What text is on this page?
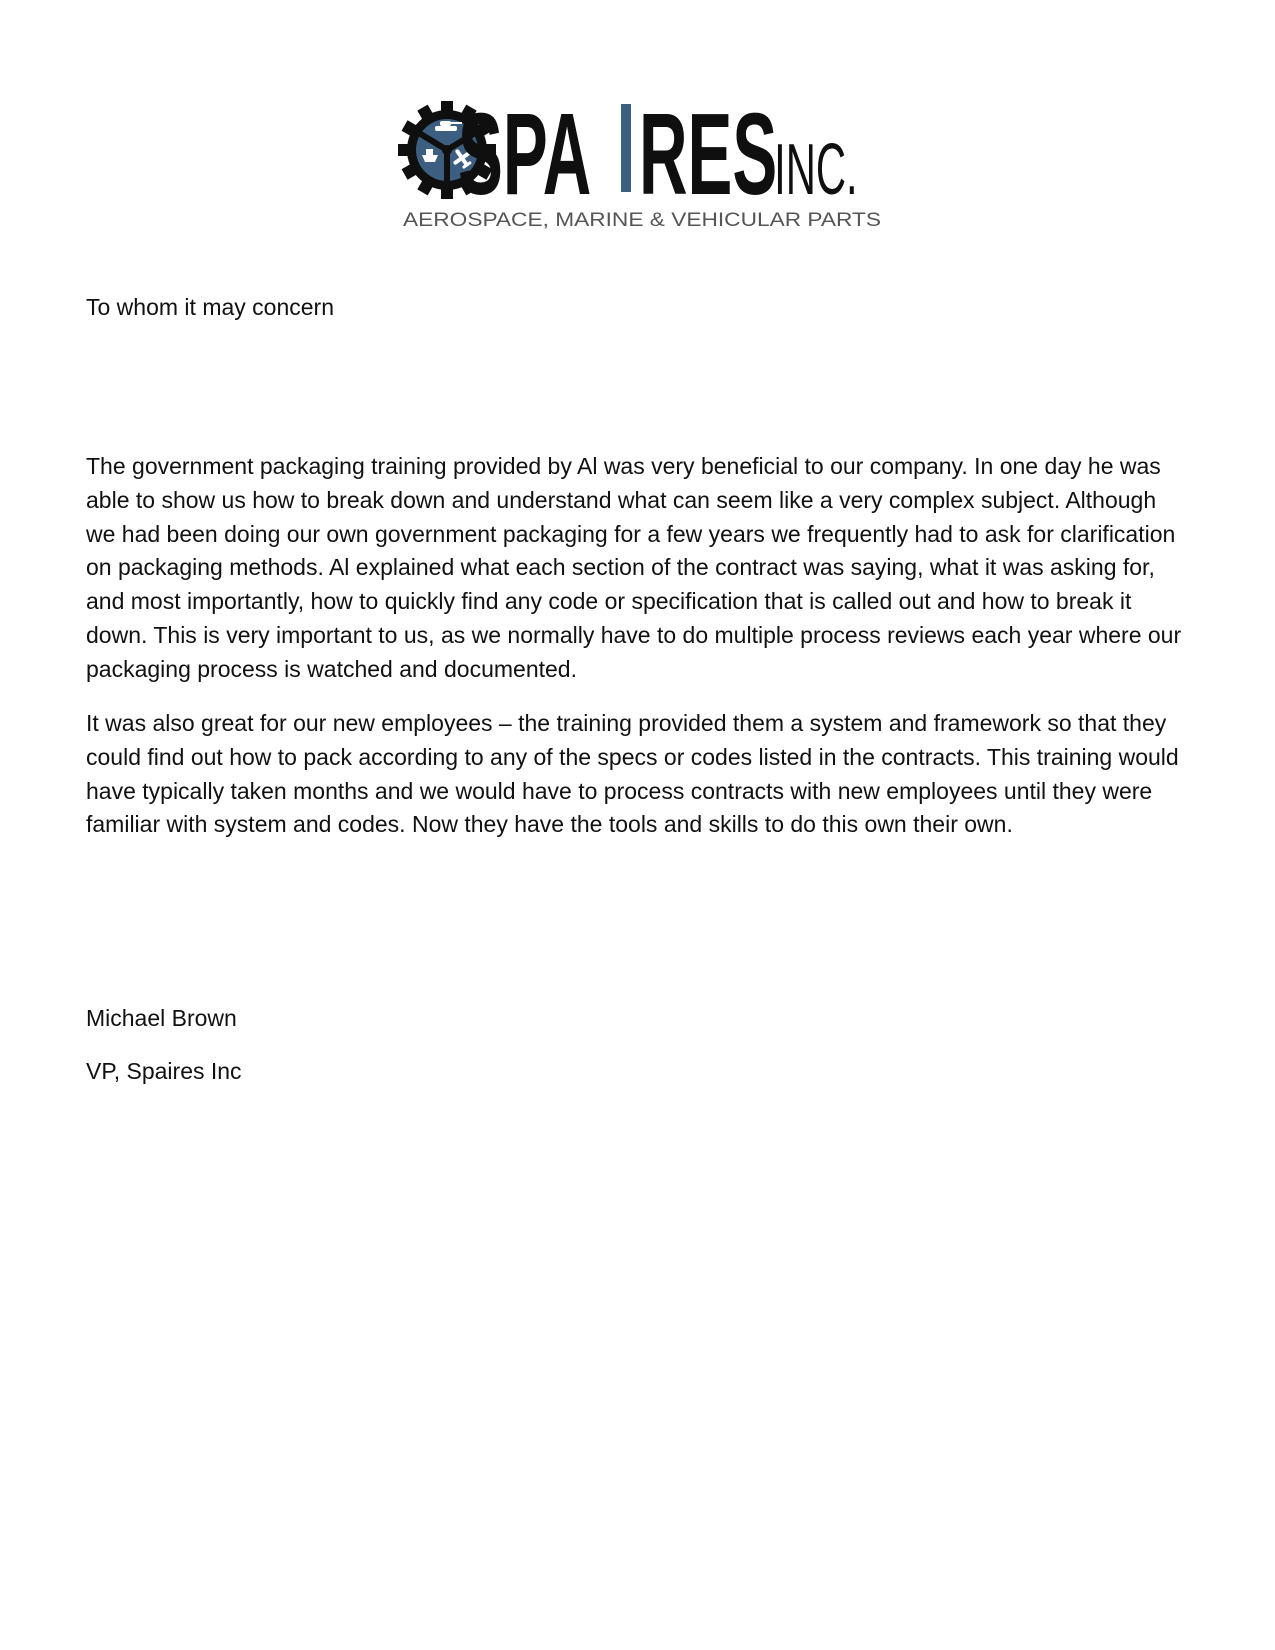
SPA RES
INC.
AEROSPACE, MARINE & VEHICULAR PARTS

To whom it may concern

The government packaging training provided by Al was very beneficial to our company. In one day he was able to show us how to break down and understand what can seem like a very complex subject. Although we had been doing our own government packaging for a few years we frequently had to ask for clarification on packaging methods. Al explained what each section of the contract was saying, what it was asking for, and most importantly, how to quickly find any code or specification that is called out and how to break it down. This is very important to us, as we normally have to do multiple process reviews each year where our packaging process is watched and documented.

It was also great for our new employees – the training provided them a system and framework so that they could find out how to pack according to any of the specs or codes listed in the contracts. This training would have typically taken months and we would have to process contracts with new employees until they were familiar with system and codes. Now they have the tools and skills to do this own their own.

Michael Brown

VP, Spaires Inc
